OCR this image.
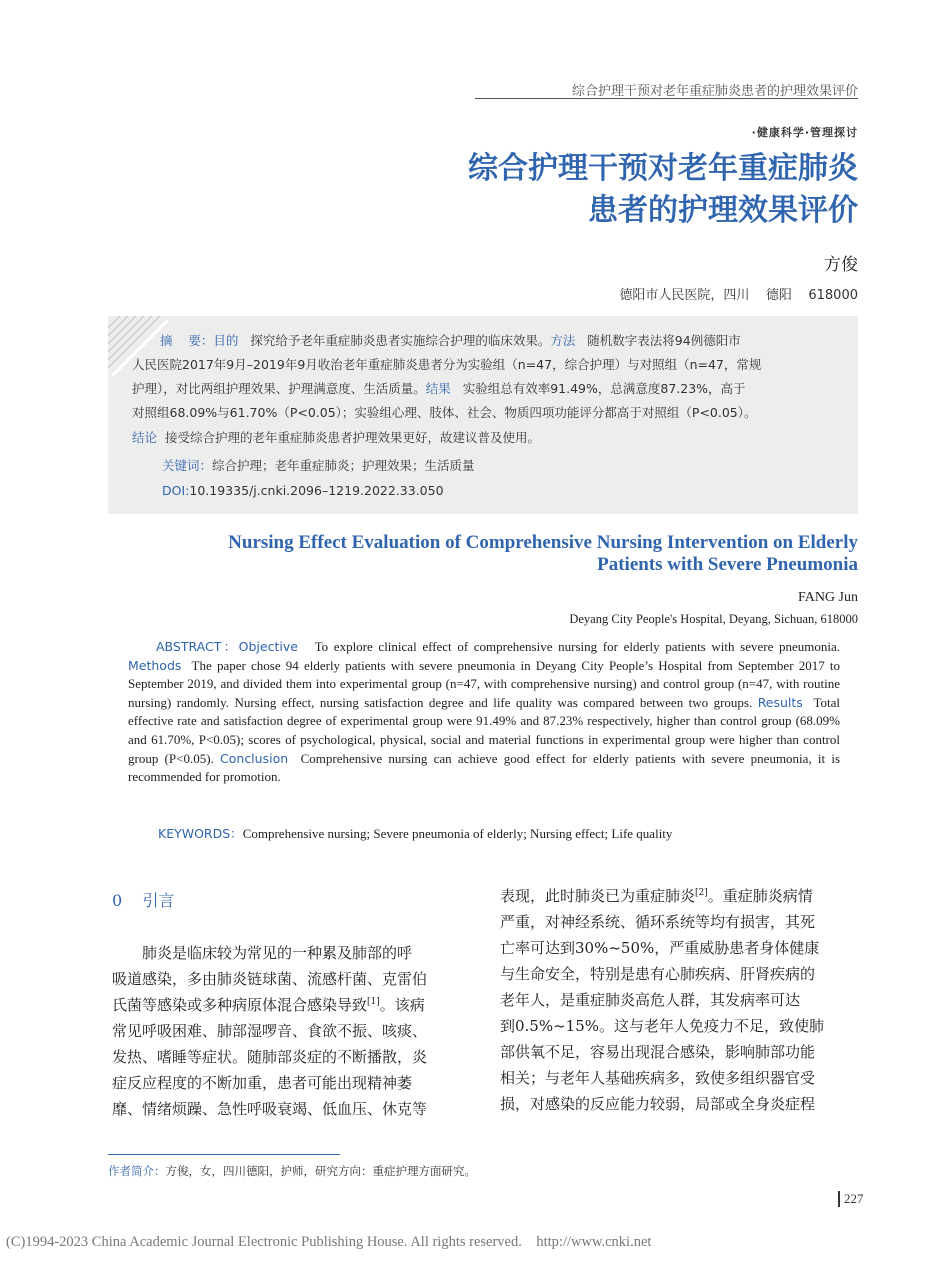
综合护理干预对老年重症肺炎患者的护理效果评价
·健康科学·管理探讨
综合护理干预对老年重症肺炎
患者的护理效果评价
方俊
德阳市人民医院，四川    德阳    618000
摘    要：目的 探究给予老年重症肺炎患者实施综合护理的临床效果。方法 随机数字表法将94例德阳市
人民医院2017年9月–2019年9月收治老年重症肺炎患者分为实验组（n=47，综合护理）与对照组（n=47，常规
护理），对比两组护理效果、护理满意度、生活质量。结果 实验组总有效率91.49%，总满意度87.23%，高于
对照组68.09%与61.70%（P<0.05）；实验组心理、肢体、社会、物质四项功能评分都高于对照组（P<0.05）。
结论 接受综合护理的老年重症肺炎患者护理效果更好，故建议普及使用。
关键词：综合护理；老年重症肺炎；护理效果；生活质量
DOI:10.19335/j.cnki.2096–1219.2022.33.050
Nursing Effect Evaluation of Comprehensive Nursing Intervention on Elderly
Patients with Severe Pneumonia
FANG Jun
Deyang City People's Hospital, Deyang, Sichuan, 618000
ABSTRACT：Objective To explore clinical effect of comprehensive nursing for elderly patients with severe pneumonia. Methods The paper chose 94 elderly patients with severe pneumonia in Deyang City People’s Hospital from September 2017 to September 2019, and divided them into experimental group (n=47, with comprehensive nursing) and control group (n=47, with routine nursing) randomly. Nursing effect, nursing satisfaction degree and life quality was compared between two groups. Results Total effective rate and satisfaction degree of experimental group were 91.49% and 87.23% respectively, higher than control group (68.09% and 61.70%, P<0.05); scores of psychological, physical, social and material functions in experimental group were higher than control group (P<0.05). Conclusion Comprehensive nursing can achieve good effect for elderly patients with severe pneumonia, it is recommended for promotion.
KEYWORDS：Comprehensive nursing; Severe pneumonia of elderly; Nursing effect; Life quality
0    引言
　　肺炎是临床较为常见的一种累及肺部的呼
吸道感染，多由肺炎链球菌、流感杆菌、克雷伯
氏菌等感染或多种病原体混合感染导致[1]。该病
常见呼吸困难、肺部湿啰音、食欲不振、咳痰、
发热、嗜睡等症状。随肺部炎症的不断播散，炎
症反应程度的不断加重，患者可能出现精神萎
靡、情绪烦躁、急性呼吸衰竭、低血压、休克等
表现，此时肺炎已为重症肺炎[2]。重症肺炎病情
严重，对神经系统、循环系统等均有损害，其死
亡率可达到30%~50%，严重威胁患者身体健康
与生命安全，特别是患有心肺疾病、肝肾疾病的
老年人，是重症肺炎高危人群，其发病率可达
到0.5%~15%。这与老年人免疫力不足，致使肺
部供氧不足，容易出现混合感染，影响肺部功能
相关；与老年人基础疾病多，致使多组织器官受
损，对感染的反应能力较弱，局部或全身炎症程
作者简介：方俊，女，四川德阳，护师，研究方向：重症护理方面研究。
227
(C)1994-2023 China Academic Journal Electronic Publishing House. All rights reserved.    http://www.cnki.net
